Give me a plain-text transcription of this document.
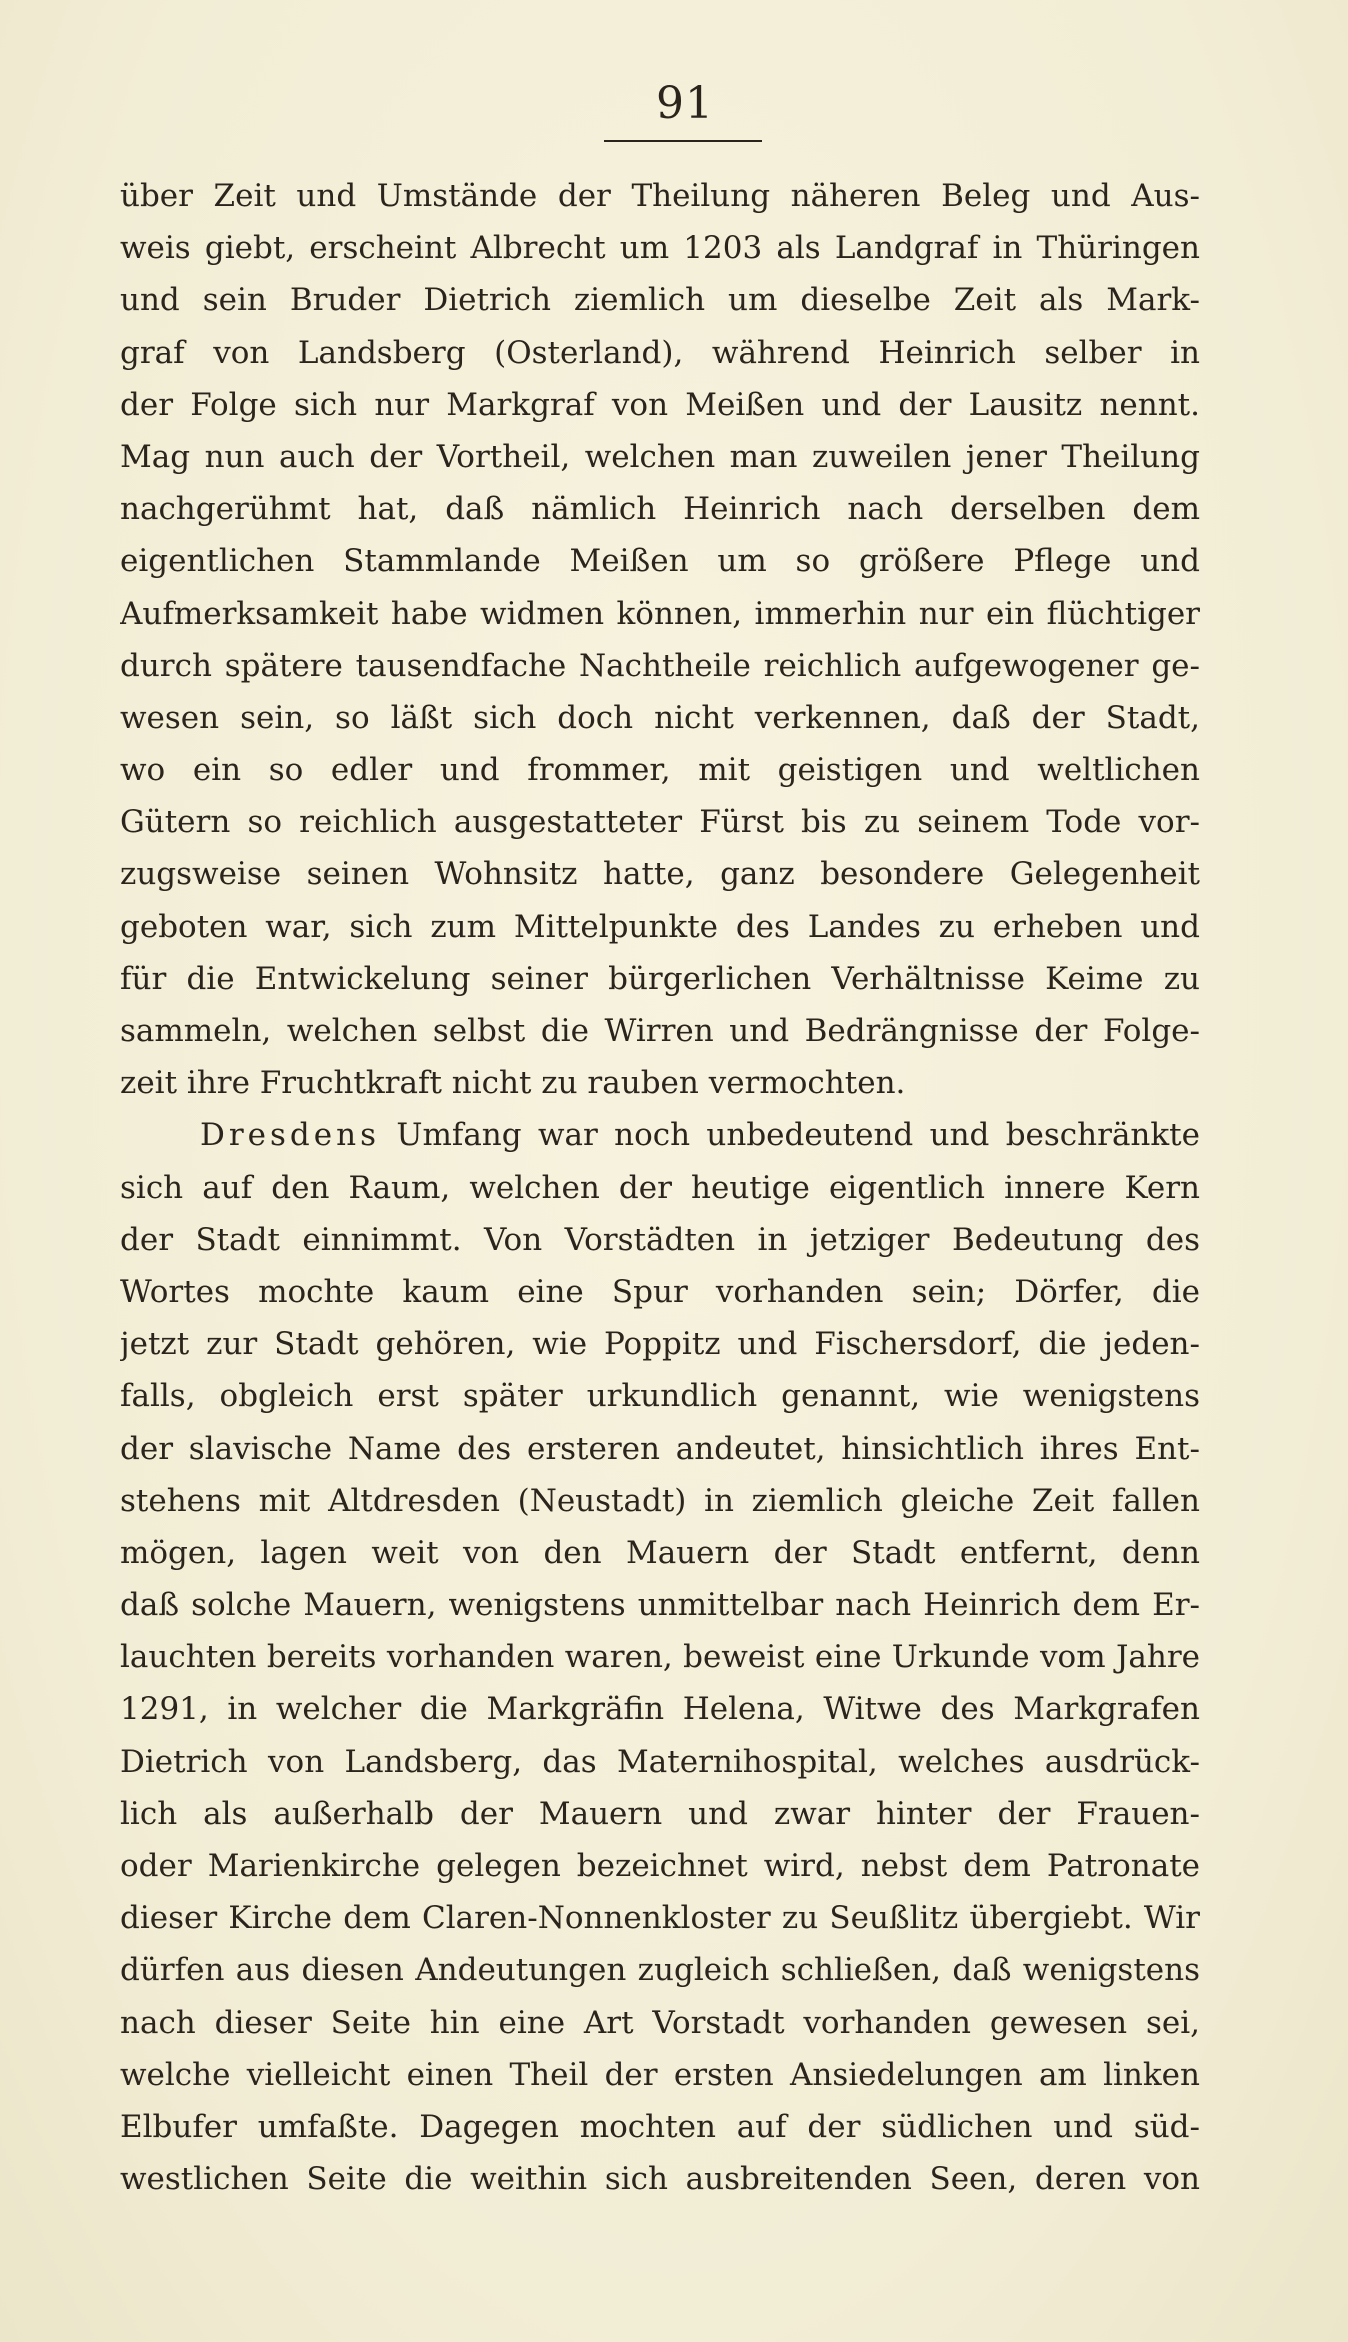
91
über Zeit und Umstände der Theilung näheren Beleg und Aus-
weis giebt, erscheint Albrecht um 1203 als Landgraf in Thüringen
und sein Bruder Dietrich ziemlich um dieselbe Zeit als Mark-
graf von Landsberg (Osterland), während Heinrich selber in
der Folge sich nur Markgraf von Meißen und der Lausitz nennt.
Mag nun auch der Vortheil, welchen man zuweilen jener Theilung
nachgerühmt hat, daß nämlich Heinrich nach derselben dem
eigentlichen Stammlande Meißen um so größere Pflege und
Aufmerksamkeit habe widmen können, immerhin nur ein flüchtiger
durch spätere tausendfache Nachtheile reichlich aufgewogener ge-
wesen sein, so läßt sich doch nicht verkennen, daß der Stadt,
wo ein so edler und frommer, mit geistigen und weltlichen
Gütern so reichlich ausgestatteter Fürst bis zu seinem Tode vor-
zugsweise seinen Wohnsitz hatte, ganz besondere Gelegenheit
geboten war, sich zum Mittelpunkte des Landes zu erheben und
für die Entwickelung seiner bürgerlichen Verhältnisse Keime zu
sammeln, welchen selbst die Wirren und Bedrängnisse der Folge-
zeit ihre Fruchtkraft nicht zu rauben vermochten.
Dresdens Umfang war noch unbedeutend und beschränkte
sich auf den Raum, welchen der heutige eigentlich innere Kern
der Stadt einnimmt. Von Vorstädten in jetziger Bedeutung des
Wortes mochte kaum eine Spur vorhanden sein; Dörfer, die
jetzt zur Stadt gehören, wie Poppitz und Fischersdorf, die jeden-
falls, obgleich erst später urkundlich genannt, wie wenigstens
der slavische Name des ersteren andeutet, hinsichtlich ihres Ent-
stehens mit Altdresden (Neustadt) in ziemlich gleiche Zeit fallen
mögen, lagen weit von den Mauern der Stadt entfernt, denn
daß solche Mauern, wenigstens unmittelbar nach Heinrich dem Er-
lauchten bereits vorhanden waren, beweist eine Urkunde vom Jahre
1291, in welcher die Markgräfin Helena, Witwe des Markgrafen
Dietrich von Landsberg, das Maternihospital, welches ausdrück-
lich als außerhalb der Mauern und zwar hinter der Frauen-
oder Marienkirche gelegen bezeichnet wird, nebst dem Patronate
dieser Kirche dem Claren-Nonnenkloster zu Seußlitz übergiebt. Wir
dürfen aus diesen Andeutungen zugleich schließen, daß wenigstens
nach dieser Seite hin eine Art Vorstadt vorhanden gewesen sei,
welche vielleicht einen Theil der ersten Ansiedelungen am linken
Elbufer umfaßte. Dagegen mochten auf der südlichen und süd-
westlichen Seite die weithin sich ausbreitenden Seen, deren von
